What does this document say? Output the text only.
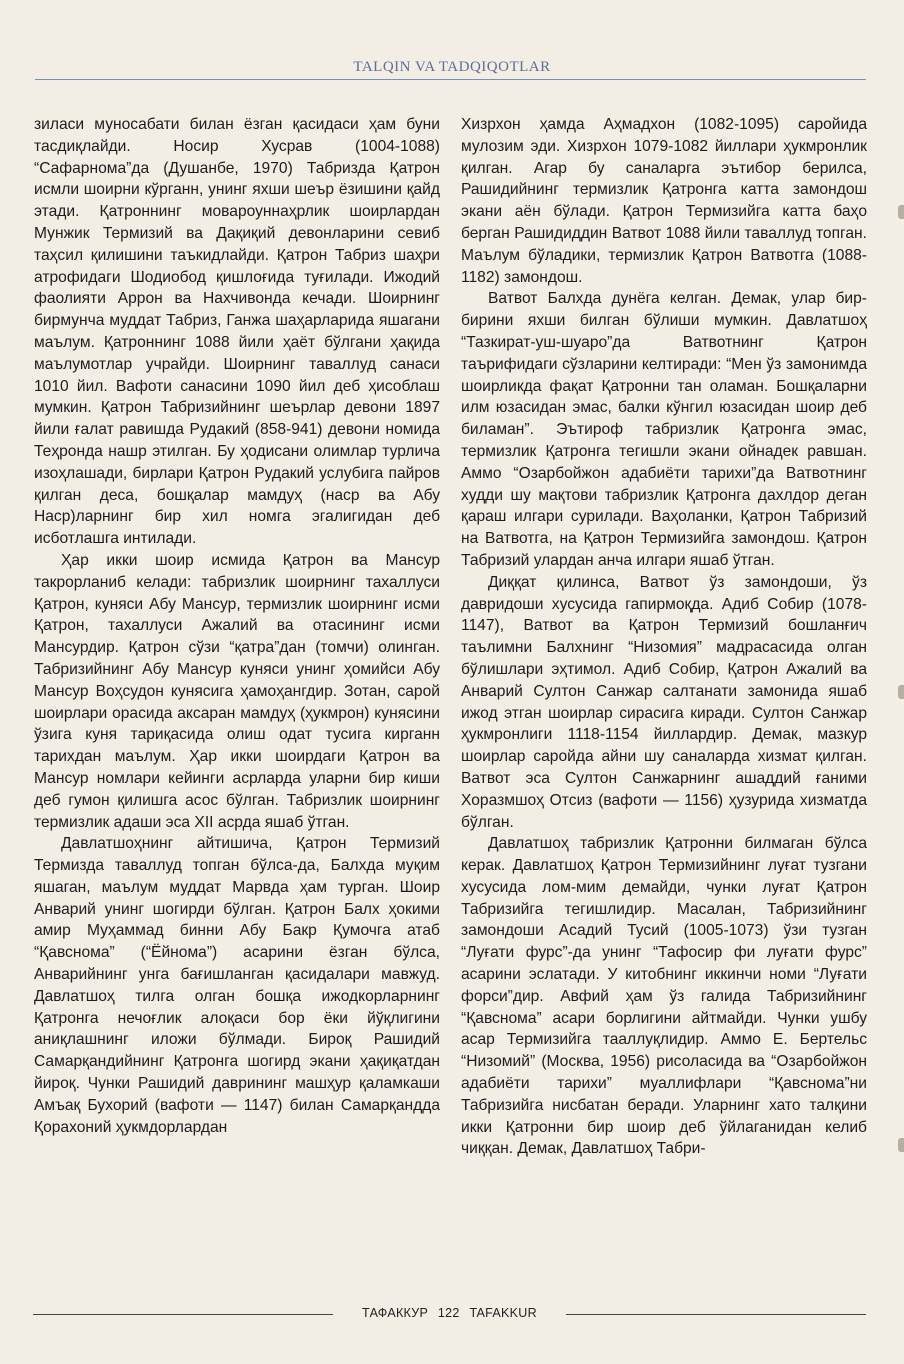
TALQIN VA TADQIQOTLAR

зиласи муносабати билан ёзган қасидаси ҳам буни тасдиқлайди. Носир Хусрав (1004-1088) “Сафарнома”да (Душанбе, 1970) Табризда Қатрон исмли шоирни кўрганн, унинг яхши шеър ёзишини қайд этади. Қатроннинг мовароуннаҳрлик шоирлардан Мунжик Термизий ва Дақиқий девонларини севиб таҳсил қилишини таъкидлайди. Қатрон Табриз шаҳри атрофидаги Шодиобод қишлоғида туғилади. Ижодий фаолияти Аррон ва Нахчивонда кечади. Шоирнинг бирмунча муддат Табриз, Ганжа шаҳарларида яшагани маълум. Қатроннинг 1088 йили ҳаёт бўлгани ҳақида маълумотлар учрайди. Шоирнинг таваллуд санаси 1010 йил. Вафоти санасини 1090 йил деб ҳисоблаш мумкин. Қатрон Табризийнинг шеърлар девони 1897 йили ғалат равишда Рудакий (858-941) девони номида Теҳронда нашр этилган. Бу ҳодисани олимлар турлича изоҳлашади, бирлари Қатрон Рудакий услубига пайров қилган деса, бошқалар мамдуҳ (наср ва Абу Наср)ларнинг бир хил номга эгалигидан деб исботлашга интилади.

Ҳар икки шоир исмида Қатрон ва Мансур такрорланиб келади: табризлик шоирнинг тахаллуси Қатрон, куняси Абу Мансур, термизлик шоирнинг исми Қатрон, тахаллуси Ажалий ва отасининг исми Мансурдир. Қатрон сўзи “қатра”дан (томчи) олинган. Табризийнинг Абу Мансур куняси унинг ҳомийси Абу Мансур Воҳсудон кунясига ҳамоҳангдир. Зотан, сарой шоирлари орасида аксаран мамдуҳ (ҳукмрон) кунясини ўзига куня тариқасида олиш одат тусига кирганн тарихдан маълум. Ҳар икки шоирдаги Қатрон ва Мансур номлари кейинги асрларда уларни бир киши деб гумон қилишга асос бўлган. Табризлик шоирнинг термизлик адаши эса XII асрда яшаб ўтган.

Давлатшоҳнинг айтишича, Қатрон Термизий Термизда таваллуд топган бўлса-да, Балхда муқим яшаган, маълум муддат Марвда ҳам турган. Шоир Анварий унинг шогирди бўлган. Қатрон Балх ҳокими амир Муҳаммад бинни Абу Бакр Қумочга атаб “Қавснома” (“Ёйнома”) асарини ёзган бўлса, Анварийнинг унга бағишланган қасидалари мавжуд. Давлатшоҳ тилга олган бошқа ижодкорларнинг Қатронга нечоғлик алоқаси бор ёки йўқлигини аниқлашнинг иложи бўлмади. Бироқ Рашидий Самарқандийнинг Қатронга шогирд экани ҳақиқатдан йироқ. Чунки Рашидий даврининг машҳур қаламкаши Амъақ Бухорий (вафоти — 1147) билан Самарқандда Қорахоний ҳукмдорлардан

Хизрхон ҳамда Аҳмадхон (1082-1095) саройида мулозим эди. Хизрхон 1079-1082 йиллари ҳукмронлик қилган. Агар бу саналарга эътибор берилса, Рашидийнинг термизлик Қатронга катта замондош экани аён бўлади. Қатрон Термизийга катта баҳо берган Рашидиддин Ватвот 1088 йили таваллуд топган. Маълум бўладики, термизлик Қатрон Ватвотга (1088-1182) замондош.

Ватвот Балхда дунёга келган. Демак, улар бир-бирини яхши билган бўлиши мумкин. Давлатшоҳ “Тазкират-уш-шуаро”да Ватвотнинг Қатрон таърифидаги сўзларини келтиради: “Мен ўз замонимда шоирликда фақат Қатронни тан оламан. Бошқаларни илм юзасидан эмас, балки кўнгил юзасидан шоир деб биламан”. Эътироф табризлик Қатронга эмас, термизлик Қатронга тегишли экани ойнадек равшан. Аммо “Озарбойжон адабиёти тарихи”да Ватвотнинг худди шу мақтови табризлик Қатронга дахлдор деган қараш илгари сурилади. Ваҳоланки, Қатрон Табризий на Ватвотга, на Қатрон Термизийга замондош. Қатрон Табризий улардан анча илгари яшаб ўтган.

Диққат қилинса, Ватвот ўз замондоши, ўз давридоши хусусида гапирмоқда. Адиб Собир (1078-1147), Ватвот ва Қатрон Термизий бошланғич таълимни Балхнинг “Низомия” мадрасасида олган бўлишлари эҳтимол. Адиб Собир, Қатрон Ажалий ва Анварий Султон Санжар салтанати замонида яшаб ижод этган шоирлар сирасига киради. Султон Санжар ҳукмронлиги 1118-1154 йиллардир. Демак, мазкур шоирлар саройда айни шу саналарда хизмат қилган. Ватвот эса Султон Санжарнинг ашаддий ғаними Хоразмшоҳ Отсиз (вафоти — 1156) ҳузурида хизматда бўлган.

Давлатшоҳ табризлик Қатронни билмаган бўлса керак. Давлатшоҳ Қатрон Термизийнинг луғат тузгани хусусида лом-мим демайди, чунки луғат Қатрон Табризийга тегишлидир. Масалан, Табризийнинг замондоши Асадий Тусий (1005-1073) ўзи тузган “Луғати фурс”-да унинг “Тафосир фи луғати фурс” асарини эслатади. У китобнинг иккинчи номи “Луғати форси”дир. Авфий ҳам ўз галида Табризийнинг “Қавснома” асари борлигини айтмайди. Чунки ушбу асар Термизийга тааллуқлидир. Аммо Е. Бертельс “Низомий” (Москва, 1956) рисоласида ва “Озарбойжон адабиёти тарихи” муаллифлари “Қавснома”ни Табризийга нисбатан беради. Уларнинг хато талқини икки Қатронни бир шоир деб ўйлаганидан келиб чиққан. Демак, Давлатшоҳ Табри-

ТАФАККУР 122 TAFAKKUR
